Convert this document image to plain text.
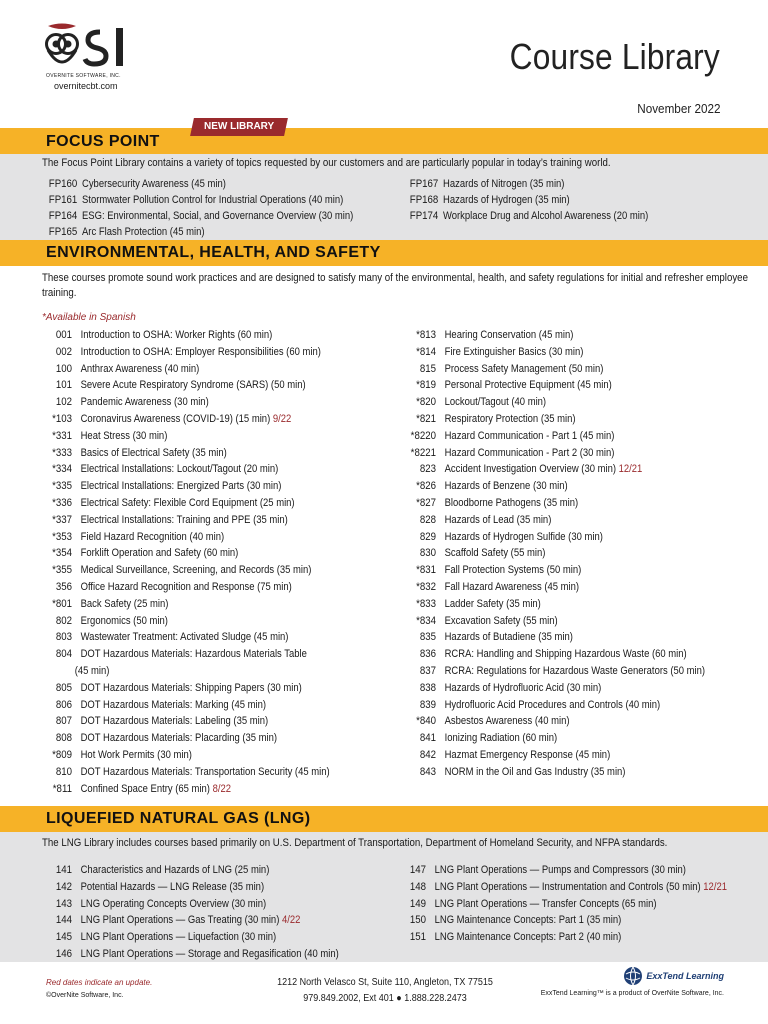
OVERNITE SOFTWARE, INC.
overnitecbt.com
Course Library
November 2022
FOCUS POINT
NEW LIBRARY
The Focus Point Library contains a variety of topics requested by our customers and are particularly popular in today’s training world.
FP160 Cybersecurity Awareness (45 min)
FP161 Stormwater Pollution Control for Industrial Operations (40 min)
FP164 ESG: Environmental, Social, and Governance Overview (30 min)
FP165 Arc Flash Protection (45 min)
FP167 Hazards of Nitrogen (35 min)
FP168 Hazards of Hydrogen (35 min)
FP174 Workplace Drug and Alcohol Awareness (20 min)
ENVIRONMENTAL, HEALTH, AND SAFETY
These courses promote sound work practices and are designed to satisfy many of the environmental, health, and safety regulations for initial and refresher employee training.
*Available in Spanish
001 Introduction to OSHA: Worker Rights (60 min)
002 Introduction to OSHA: Employer Responsibilities (60 min)
100 Anthrax Awareness (40 min)
101 Severe Acute Respiratory Syndrome (SARS) (50 min)
102 Pandemic Awareness (30 min)
*103 Coronavirus Awareness (COVID-19) (15 min) 9/22
*331 Heat Stress (30 min)
*333 Basics of Electrical Safety (35 min)
*334 Electrical Installations: Lockout/Tagout (20 min)
*335 Electrical Installations: Energized Parts (30 min)
*336 Electrical Safety: Flexible Cord Equipment (25 min)
*337 Electrical Installations: Training and PPE (35 min)
*353 Field Hazard Recognition (40 min)
*354 Forklift Operation and Safety (60 min)
*355 Medical Surveillance, Screening, and Records (35 min)
356 Office Hazard Recognition and Response (75 min)
*801 Back Safety (25 min)
802 Ergonomics (50 min)
803 Wastewater Treatment: Activated Sludge (45 min)
804 DOT Hazardous Materials: Hazardous Materials Table
(45 min)
805 DOT Hazardous Materials: Shipping Papers (30 min)
806 DOT Hazardous Materials: Marking (45 min)
807 DOT Hazardous Materials: Labeling (35 min)
808 DOT Hazardous Materials: Placarding (35 min)
*809 Hot Work Permits (30 min)
810 DOT Hazardous Materials: Transportation Security (45 min)
*811 Confined Space Entry (65 min) 8/22
*813 Hearing Conservation (45 min)
*814 Fire Extinguisher Basics (30 min)
815 Process Safety Management (50 min)
*819 Personal Protective Equipment (45 min)
*820 Lockout/Tagout (40 min)
*821 Respiratory Protection (35 min)
*8220 Hazard Communication - Part 1 (45 min)
*8221 Hazard Communication - Part 2 (30 min)
823 Accident Investigation Overview (30 min) 12/21
*826 Hazards of Benzene (30 min)
*827 Bloodborne Pathogens (35 min)
828 Hazards of Lead (35 min)
829 Hazards of Hydrogen Sulfide (30 min)
830 Scaffold Safety (55 min)
*831 Fall Protection Systems (50 min)
*832 Fall Hazard Awareness (45 min)
*833 Ladder Safety (35 min)
*834 Excavation Safety (55 min)
835 Hazards of Butadiene (35 min)
836 RCRA: Handling and Shipping Hazardous Waste (60 min)
837 RCRA: Regulations for Hazardous Waste Generators (50 min)
838 Hazards of Hydrofluoric Acid (30 min)
839 Hydrofluoric Acid Procedures and Controls (40 min)
*840 Asbestos Awareness (40 min)
841 Ionizing Radiation (60 min)
842 Hazmat Emergency Response (45 min)
843 NORM in the Oil and Gas Industry (35 min)
LIQUEFIED NATURAL GAS (LNG)
The LNG Library includes courses based primarily on U.S. Department of Transportation, Department of Homeland Security, and NFPA standards.
141 Characteristics and Hazards of LNG (25 min)
142 Potential Hazards — LNG Release (35 min)
143 LNG Operating Concepts Overview (30 min)
144 LNG Plant Operations — Gas Treating (30 min) 4/22
145 LNG Plant Operations — Liquefaction (30 min)
146 LNG Plant Operations — Storage and Regasification (40 min)
147 LNG Plant Operations — Pumps and Compressors (30 min)
148 LNG Plant Operations — Instrumentation and Controls (50 min) 12/21
149 LNG Plant Operations — Transfer Concepts (65 min)
150 LNG Maintenance Concepts: Part 1 (35 min)
151 LNG Maintenance Concepts: Part 2 (40 min)
Red dates indicate an update.
©OverNite Software, Inc.
1212 North Velasco St, Suite 110, Angleton, TX 77515
979.849.2002, Ext 401 ● 1.888.228.2473
ExxTend Learning
ExxTend Learning™ is a product of OverNite Software, Inc.
